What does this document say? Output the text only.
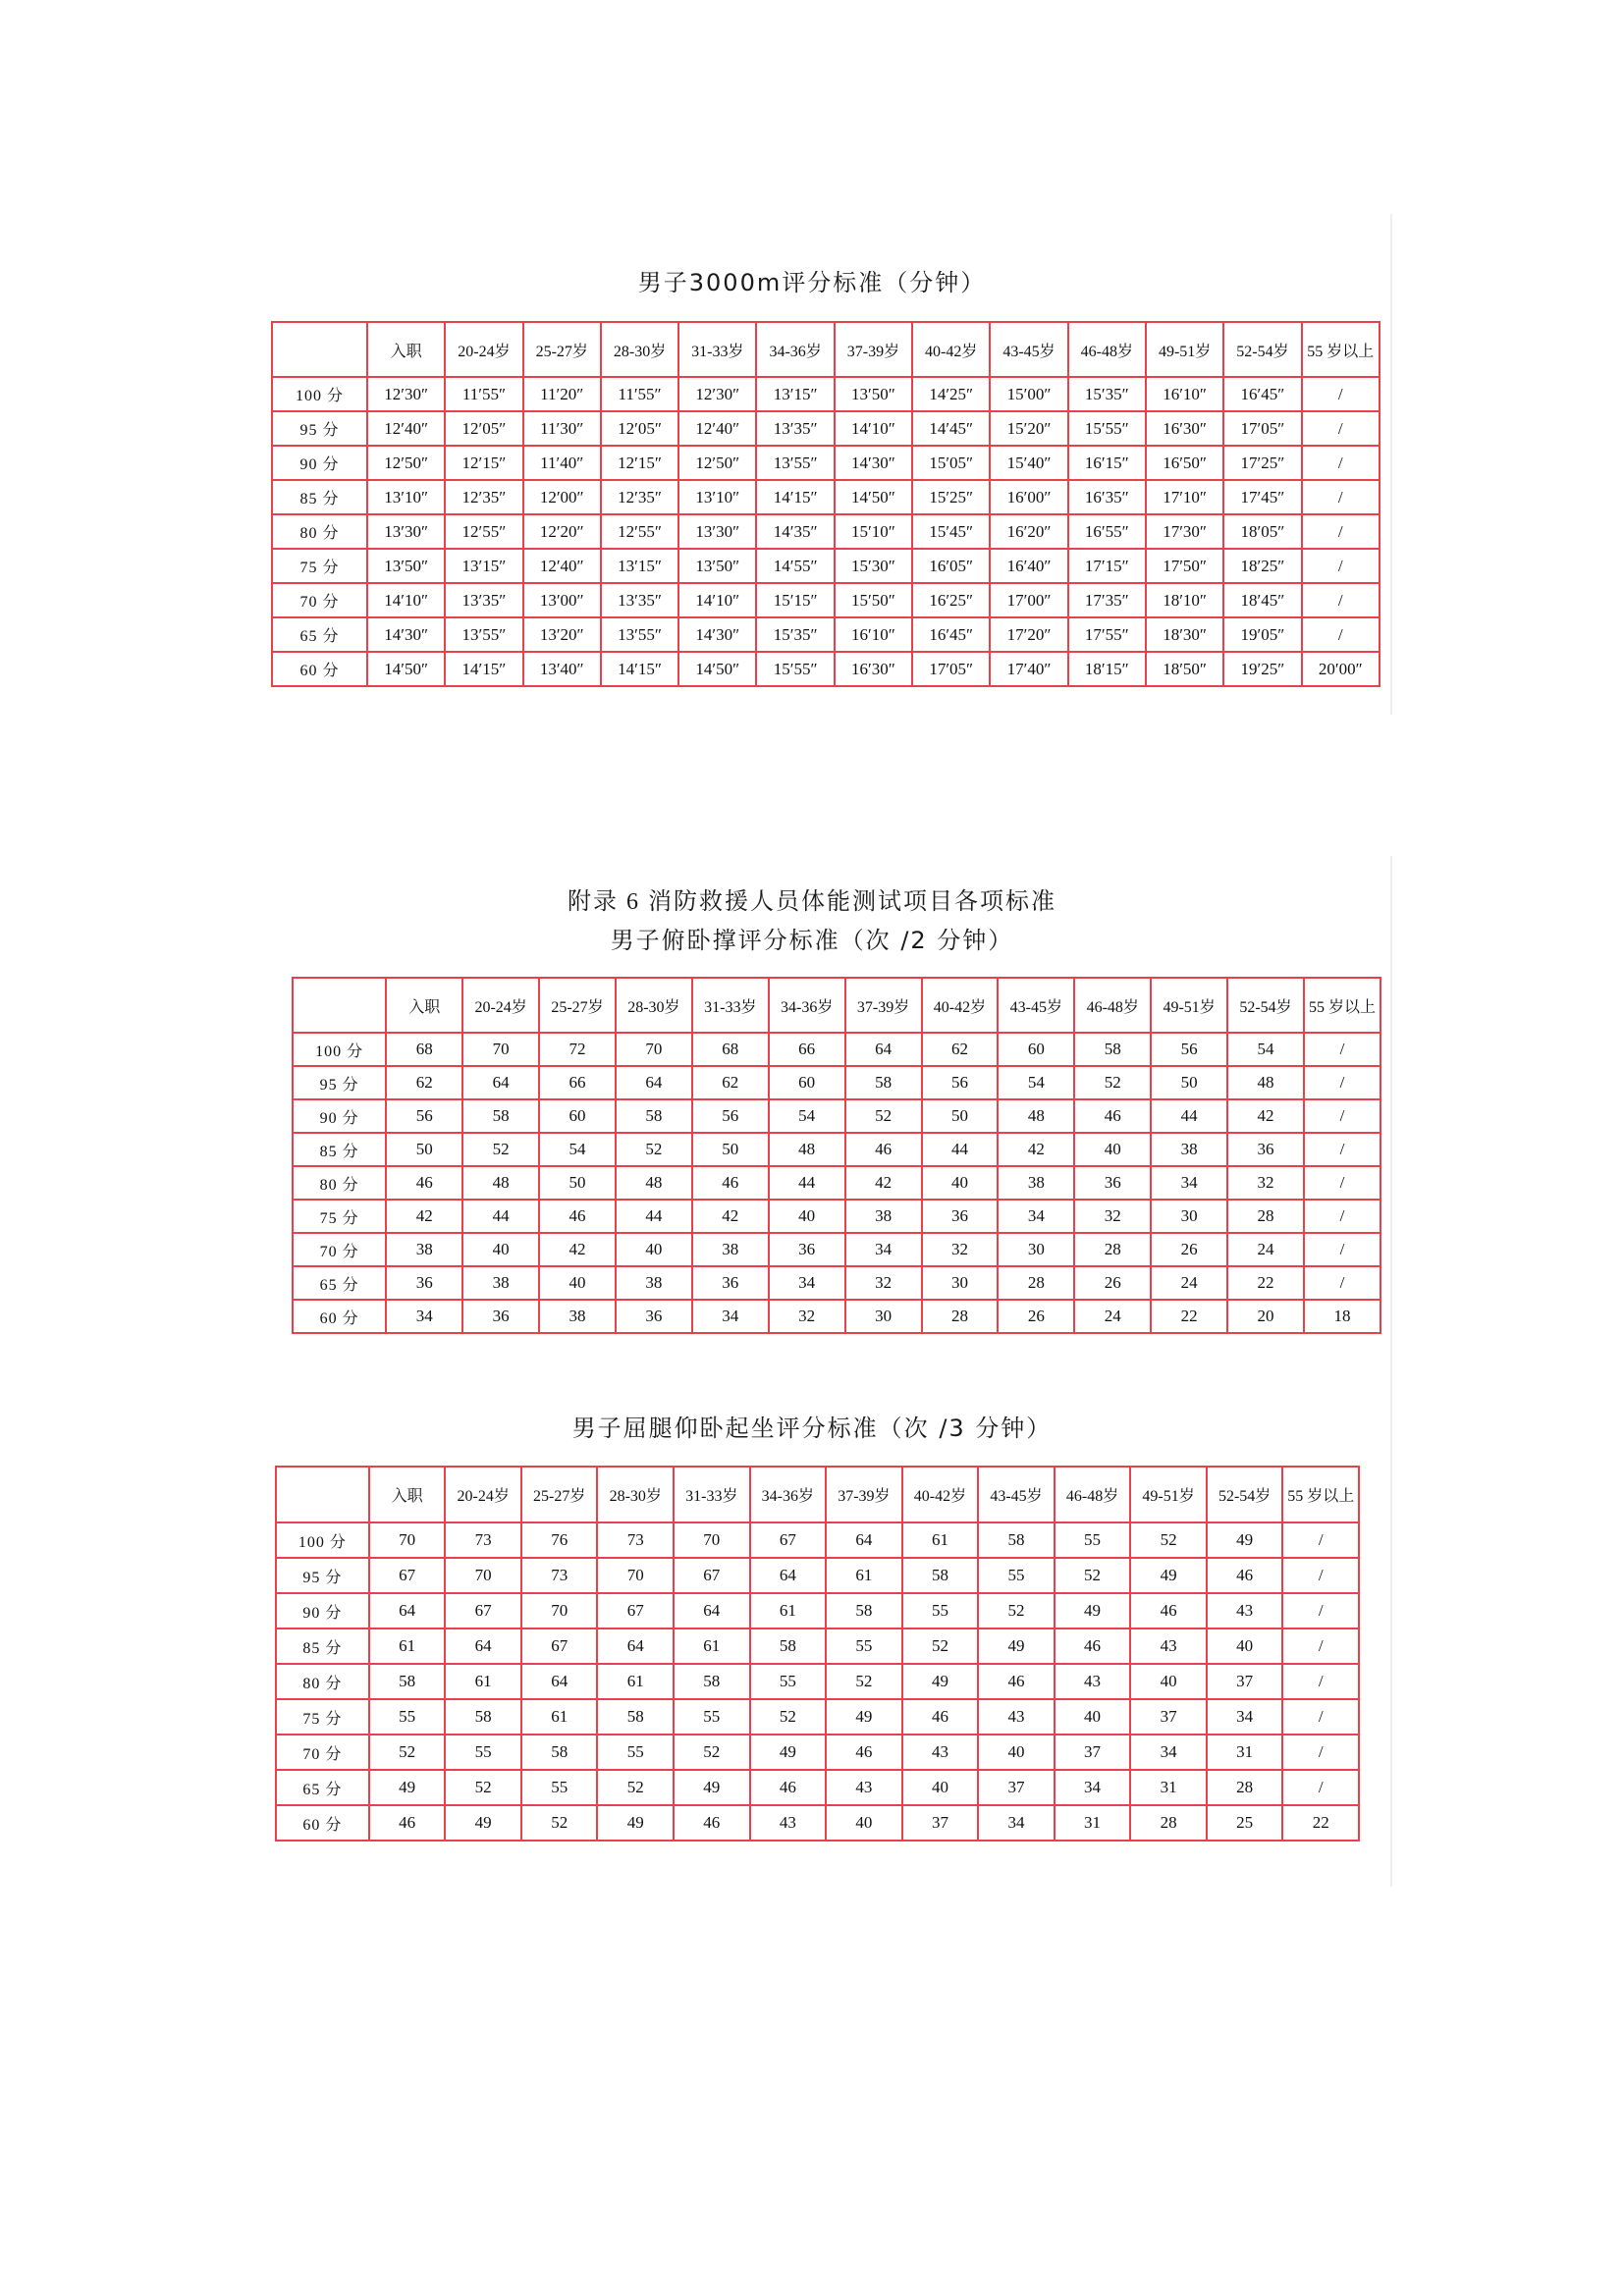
男子3000m评分标准（分钟）
	入职	20-24岁	25-27岁	28-30岁	31-33岁	34-36岁	37-39岁	40-42岁	43-45岁	46-48岁	49-51岁	52-54岁	55 岁以上
100 分	12′30″	11′55″	11′20″	11′55″	12′30″	13′15″	13′50″	14′25″	15′00″	15′35″	16′10″	16′45″	/
95 分	12′40″	12′05″	11′30″	12′05″	12′40″	13′35″	14′10″	14′45″	15′20″	15′55″	16′30″	17′05″	/
90 分	12′50″	12′15″	11′40″	12′15″	12′50″	13′55″	14′30″	15′05″	15′40″	16′15″	16′50″	17′25″	/
85 分	13′10″	12′35″	12′00″	12′35″	13′10″	14′15″	14′50″	15′25″	16′00″	16′35″	17′10″	17′45″	/
80 分	13′30″	12′55″	12′20″	12′55″	13′30″	14′35″	15′10″	15′45″	16′20″	16′55″	17′30″	18′05″	/
75 分	13′50″	13′15″	12′40″	13′15″	13′50″	14′55″	15′30″	16′05″	16′40″	17′15″	17′50″	18′25″	/
70 分	14′10″	13′35″	13′00″	13′35″	14′10″	15′15″	15′50″	16′25″	17′00″	17′35″	18′10″	18′45″	/
65 分	14′30″	13′55″	13′20″	13′55″	14′30″	15′35″	16′10″	16′45″	17′20″	17′55″	18′30″	19′05″	/
60 分	14′50″	14′15″	13′40″	14′15″	14′50″	15′55″	16′30″	17′05″	17′40″	18′15″	18′50″	19′25″	20′00″
附录 6 消防救援人员体能测试项目各项标准
男子俯卧撑评分标准（次 /2 分钟）
	入职	20-24岁	25-27岁	28-30岁	31-33岁	34-36岁	37-39岁	40-42岁	43-45岁	46-48岁	49-51岁	52-54岁	55 岁以上
100 分	68	70	72	70	68	66	64	62	60	58	56	54	/
95 分	62	64	66	64	62	60	58	56	54	52	50	48	/
90 分	56	58	60	58	56	54	52	50	48	46	44	42	/
85 分	50	52	54	52	50	48	46	44	42	40	38	36	/
80 分	46	48	50	48	46	44	42	40	38	36	34	32	/
75 分	42	44	46	44	42	40	38	36	34	32	30	28	/
70 分	38	40	42	40	38	36	34	32	30	28	26	24	/
65 分	36	38	40	38	36	34	32	30	28	26	24	22	/
60 分	34	36	38	36	34	32	30	28	26	24	22	20	18
男子屈腿仰卧起坐评分标准（次 /3 分钟）
	入职	20-24岁	25-27岁	28-30岁	31-33岁	34-36岁	37-39岁	40-42岁	43-45岁	46-48岁	49-51岁	52-54岁	55 岁以上
100 分	70	73	76	73	70	67	64	61	58	55	52	49	/
95 分	67	70	73	70	67	64	61	58	55	52	49	46	/
90 分	64	67	70	67	64	61	58	55	52	49	46	43	/
85 分	61	64	67	64	61	58	55	52	49	46	43	40	/
80 分	58	61	64	61	58	55	52	49	46	43	40	37	/
75 分	55	58	61	58	55	52	49	46	43	40	37	34	/
70 分	52	55	58	55	52	49	46	43	40	37	34	31	/
65 分	49	52	55	52	49	46	43	40	37	34	31	28	/
60 分	46	49	52	49	46	43	40	37	34	31	28	25	22
